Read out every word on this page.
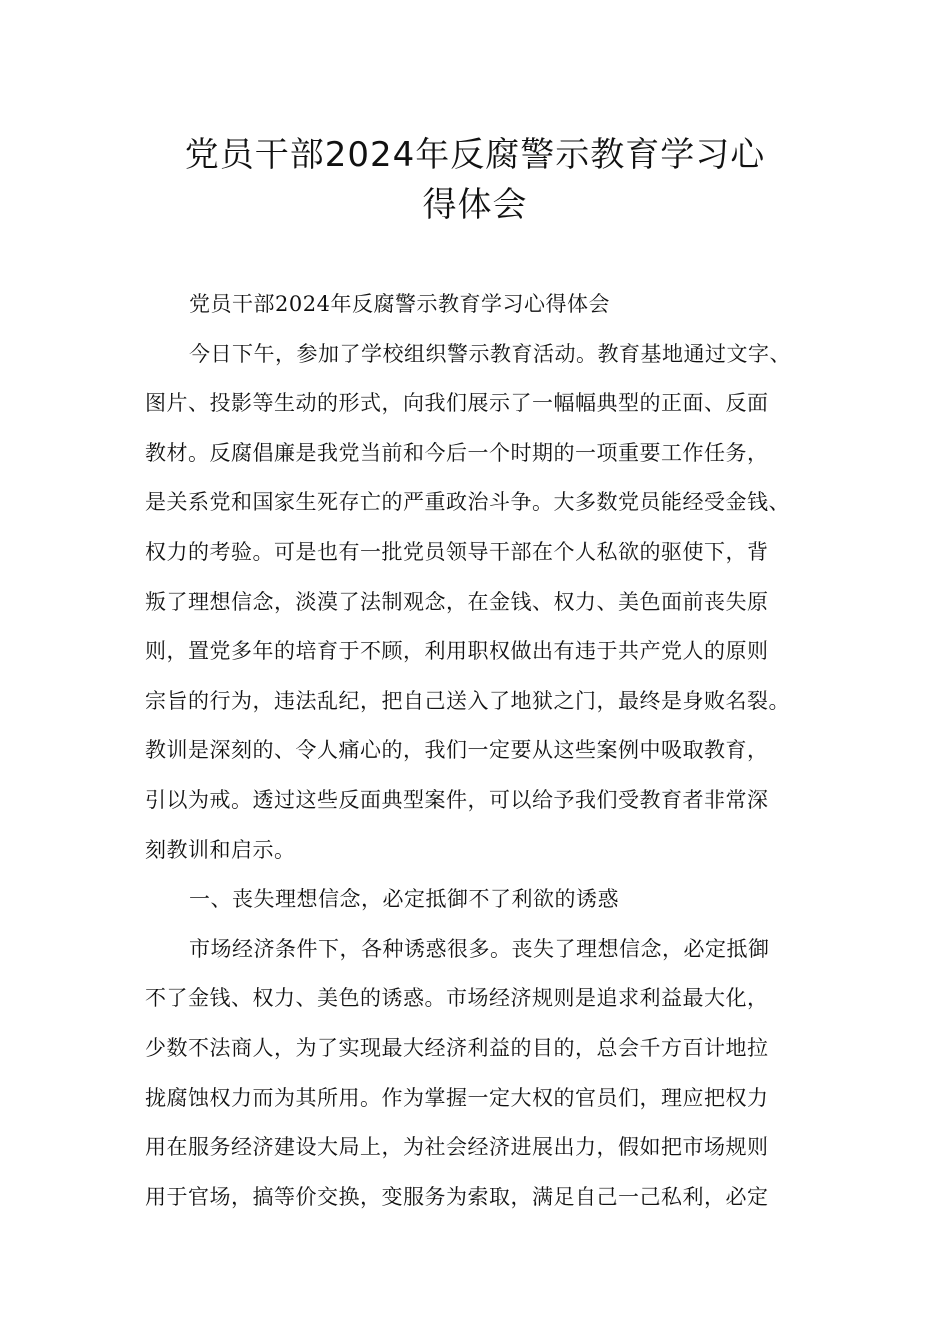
党员干部2024年反腐警示教育学习心
得体会
党员干部2024年反腐警示教育学习心得体会
今日下午，参加了学校组织警示教育活动。教育基地通过文字、
图片、投影等生动的形式，向我们展示了一幅幅典型的正面、反面
教材。反腐倡廉是我党当前和今后一个时期的一项重要工作任务，
是关系党和国家生死存亡的严重政治斗争。大多数党员能经受金钱、
权力的考验。可是也有一批党员领导干部在个人私欲的驱使下，背
叛了理想信念，淡漠了法制观念，在金钱、权力、美色面前丧失原
则，置党多年的培育于不顾，利用职权做出有违于共产党人的原则
宗旨的行为，违法乱纪，把自己送入了地狱之门，最终是身败名裂。
教训是深刻的、令人痛心的，我们一定要从这些案例中吸取教育，
引以为戒。透过这些反面典型案件，可以给予我们受教育者非常深
刻教训和启示。
一、丧失理想信念，必定抵御不了利欲的诱惑
市场经济条件下，各种诱惑很多。丧失了理想信念，必定抵御
不了金钱、权力、美色的诱惑。市场经济规则是追求利益最大化，
少数不法商人，为了实现最大经济利益的目的，总会千方百计地拉
拢腐蚀权力而为其所用。作为掌握一定大权的官员们，理应把权力
用在服务经济建设大局上，为社会经济进展出力，假如把市场规则
用于官场，搞等价交换，变服务为索取，满足自己一己私利，必定
